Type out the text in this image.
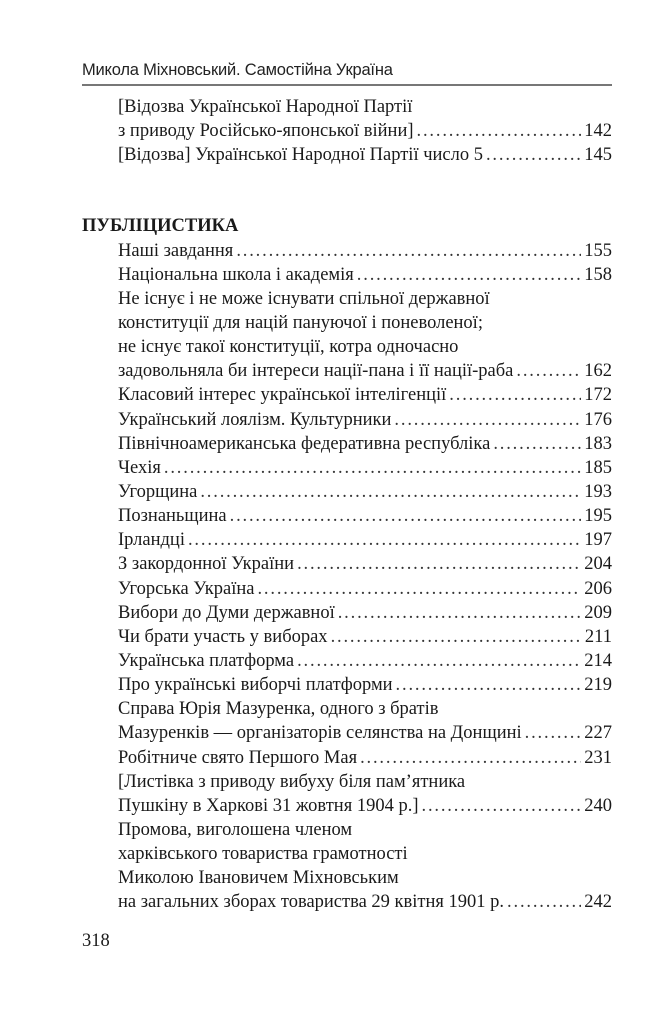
Микола Міхновський. Самостійна Україна
[Відозва Української Народної Партії
з приводу Російсько-японської війни] . . .	142
[Відозва] Української Народної Партії число 5 . . .	145
ПУБЛІЦИСТИКА
Наші завдання . . .	155
Національна школа і академія . . .	158
Не існує і не може існувати спільної державної
конституції для націй пануючої і поневоленої;
не існує такої конституції, котра одночасно
задовольняла би інтереси нації-пана і її нації-раба . . .	162
Класовий інтерес української інтелігенції . . .	172
Український лоялізм. Культурники . . .	176
Північноамериканська федеративна республіка . . .	183
Чехія . . .	185
Угорщина . . .	193
Познаньщина . . .	195
Ірландці . . .	197
З закордонної України . . .	204
Угорська Україна . . .	206
Вибори до Думи державної . . .	209
Чи брати участь у виборах . . .	211
Українська платформа . . .	214
Про українські виборчі платформи . . .	219
Справа Юрія Мазуренка, одного з братів
Мазуренків — організаторів селянства на Донщині . . .	227
Робітниче свято Першого Мая . . .	231
[Листівка з приводу вибуху біля пам’ятника
Пушкіну в Харкові 31 жовтня 1904 р.] . . .	240
Промова, виголошена членом
харківського товариства грамотності
Миколою Івановичем Міхновським
на загальних зборах товариства 29 квітня 1901 р. . . .	242
318
